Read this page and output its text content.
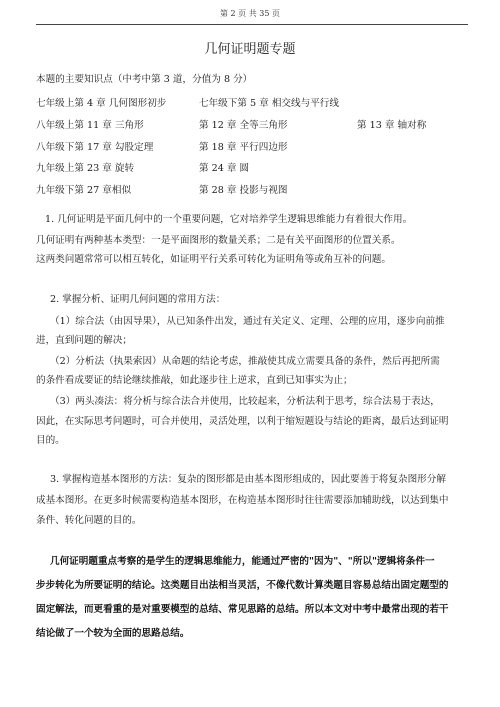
第 2 页 共 35 页
几何证明题专题
本题的主要知识点（中考中第 3 道，分值为 8 分）
七年级上第 4 章 几何图形初步	七年级下第 5 章 相交线与平行线
八年级上第 11 章 三角形	第 12 章 全等三角形	第 13 章 轴对称
八年级下第 17 章 勾股定理	第 18 章 平行四边形
九年级上第 23 章 旋转	第 24 章 圆
九年级下第 27 章相似	第 28 章 投影与视图
1. 几何证明是平面几何中的一个重要问题，它对培养学生逻辑思维能力有着很大作用。
几何证明有两种基本类型：一是平面图形的数量关系；二是有关平面图形的位置关系。
这两类问题常常可以相互转化，如证明平行关系可转化为证明角等或角互补的问题。
2. 掌握分析、证明几何问题的常用方法：
（1）综合法（由因导果），从已知条件出发，通过有关定义、定理、公理的应用，逐步向前推
进，直到问题的解决；
（2）分析法（执果索因）从命题的结论考虑，推敲使其成立需要具备的条件，然后再把所需
的条件看成要证的结论继续推敲，如此逐步往上逆求，直到已知事实为止；
（3）两头凑法：将分析与综合法合并使用，比较起来，分析法利于思考，综合法易于表达，
因此，在实际思考问题时，可合并使用，灵活处理，以利于缩短题设与结论的距离，最后达到证明
目的。
3. 掌握构造基本图形的方法：复杂的图形都是由基本图形组成的，因此要善于将复杂图形分解
成基本图形。在更多时候需要构造基本图形，在构造基本图形时往往需要添加辅助线，以达到集中
条件、转化问题的目的。
几何证明题重点考察的是学生的逻辑思维能力，能通过严密的"因为"、"所以"逻辑将条件一
步步转化为所要证明的结论。这类题目出法相当灵活，不像代数计算类题目容易总结出固定题型的
固定解法，而更看重的是对重要模型的总结、常见思路的总结。所以本文对中考中最常出现的若干
结论做了一个较为全面的思路总结。
